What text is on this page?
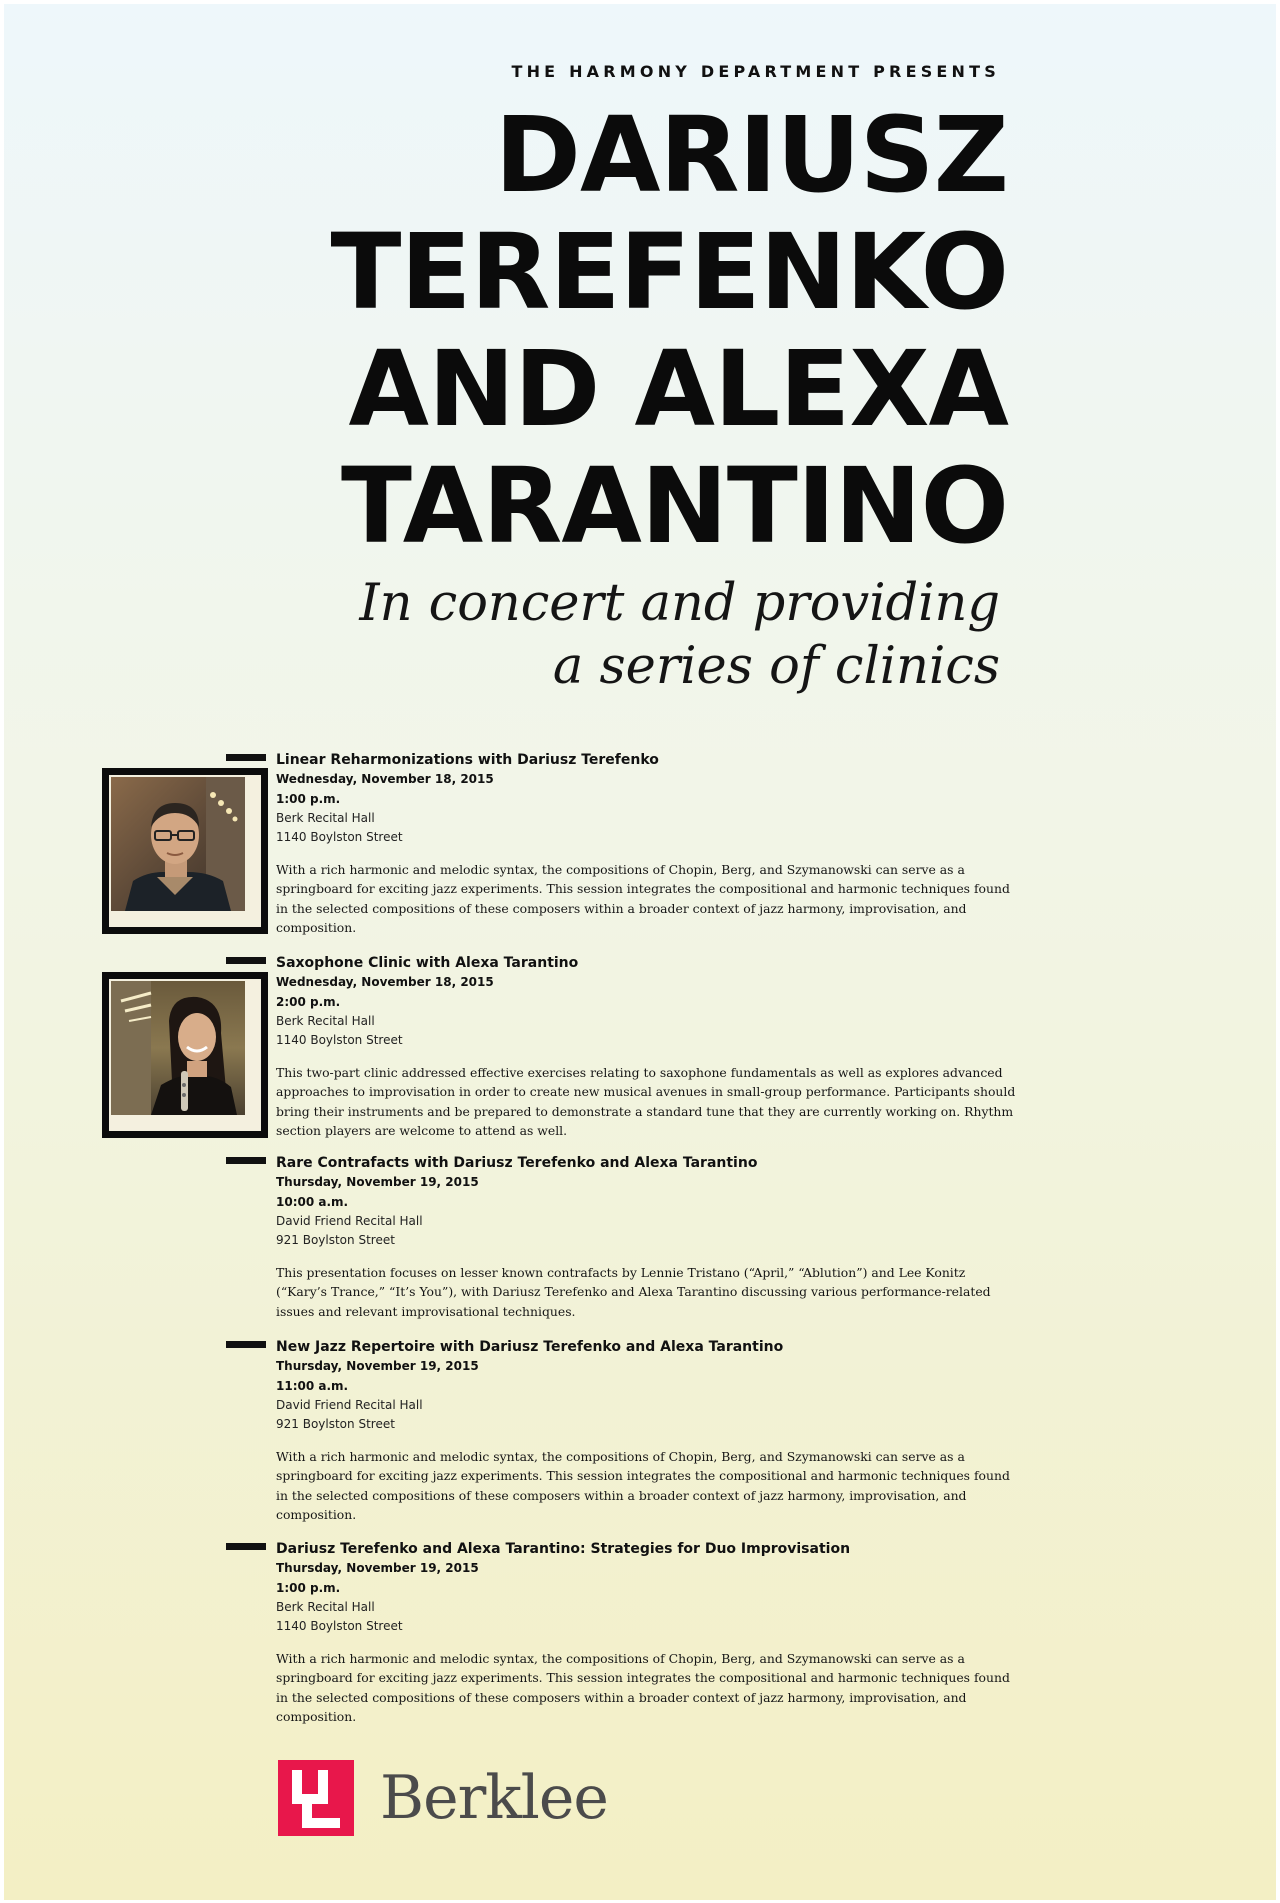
THE HARMONY DEPARTMENT PRESENTS
DARIUSZ
TEREFENKO
AND ALEXA
TARANTINO
In concert and providing
a series of clinics
Linear Reharmonizations with Dariusz Terefenko
Wednesday, November 18, 2015
1:00 p.m.
Berk Recital Hall
1140 Boylston Street
With a rich harmonic and melodic syntax, the compositions of Chopin, Berg, and Szymanowski can serve as a springboard for exciting jazz experiments. This session integrates the compositional and harmonic techniques found in the selected compositions of these composers within a broader context of jazz harmony, improvisation, and composition.
Saxophone Clinic with Alexa Tarantino
Wednesday, November 18, 2015
2:00 p.m.
Berk Recital Hall
1140 Boylston Street
This two-part clinic addressed effective exercises relating to saxophone fundamentals as well as explores advanced approaches to improvisation in order to create new musical avenues in small-group performance. Participants should bring their instruments and be prepared to demonstrate a standard tune that they are currently working on. Rhythm section players are welcome to attend as well.
Rare Contrafacts with Dariusz Terefenko and Alexa Tarantino
Thursday, November 19, 2015
10:00 a.m.
David Friend Recital Hall
921 Boylston Street
This presentation focuses on lesser known contrafacts by Lennie Tristano (“April,” “Ablution”) and Lee Konitz (“Kary’s Trance,” “It’s You”), with Dariusz Terefenko and Alexa Tarantino discussing various performance-related issues and relevant improvisational techniques.
New Jazz Repertoire with Dariusz Terefenko and Alexa Tarantino
Thursday, November 19, 2015
11:00 a.m.
David Friend Recital Hall
921 Boylston Street
With a rich harmonic and melodic syntax, the compositions of Chopin, Berg, and Szymanowski can serve as a springboard for exciting jazz experiments. This session integrates the compositional and harmonic techniques found in the selected compositions of these composers within a broader context of jazz harmony, improvisation, and composition.
Dariusz Terefenko and Alexa Tarantino: Strategies for Duo Improvisation
Thursday, November 19, 2015
1:00 p.m.
Berk Recital Hall
1140 Boylston Street
With a rich harmonic and melodic syntax, the compositions of Chopin, Berg, and Szymanowski can serve as a springboard for exciting jazz experiments. This session integrates the compositional and harmonic techniques found in the selected compositions of these composers within a broader context of jazz harmony, improvisation, and composition.
Berklee
